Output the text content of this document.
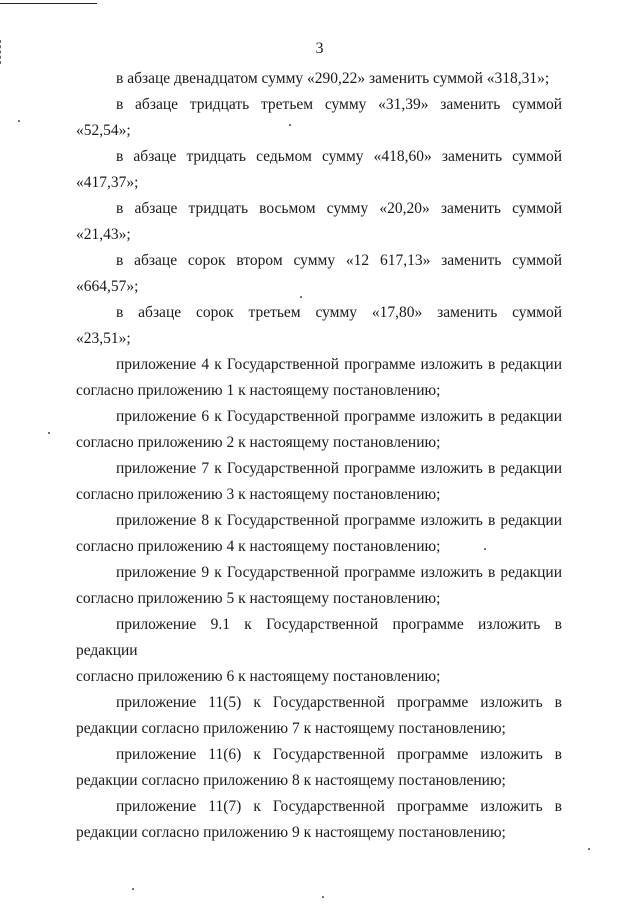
3
в абзаце двенадцатом сумму «290,22» заменить суммой «318,31»;
в абзаце тридцать третьем сумму «31,39» заменить суммой
«52,54»;
в абзаце тридцать седьмом сумму «418,60» заменить суммой
«417,37»;
в абзаце тридцать восьмом сумму «20,20» заменить суммой
«21,43»;
в абзаце сорок втором сумму «12 617,13» заменить суммой
«664,57»;
в абзаце сорок третьем сумму «17,80» заменить суммой
«23,51»;
приложение 4 к Государственной программе изложить в редакции
согласно приложению 1 к настоящему постановлению;
приложение 6 к Государственной программе изложить в редакции
согласно приложению 2 к настоящему постановлению;
приложение 7 к Государственной программе изложить в редакции
согласно приложению 3 к настоящему постановлению;
приложение 8 к Государственной программе изложить в редакции
согласно приложению 4 к настоящему постановлению;
приложение 9 к Государственной программе изложить в редакции
согласно приложению 5 к настоящему постановлению;
приложение 9.1 к Государственной программе изложить в редакции
согласно приложению 6 к настоящему постановлению;
приложение 11(5) к Государственной программе изложить в
редакции согласно приложению 7 к настоящему постановлению;
приложение 11(6) к Государственной программе изложить в
редакции согласно приложению 8 к настоящему постановлению;
приложение 11(7) к Государственной программе изложить в
редакции согласно приложению 9 к настоящему постановлению;
